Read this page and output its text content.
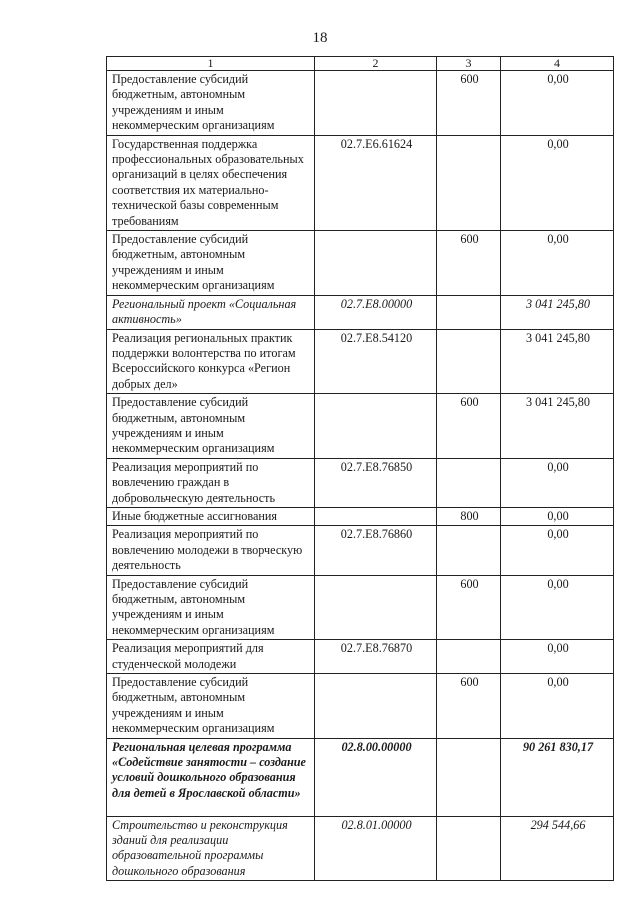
18
1	2	3	4
Предоставление субсидий бюджетным, автономным учреждениям и иным некоммерческим организациям		600	0,00
Государственная поддержка профессиональных образовательных организаций в целях обеспечения соответствия их материально-технической базы современным требованиям	02.7.Е6.61624		0,00
Предоставление субсидий бюджетным, автономным учреждениям и иным некоммерческим организациям		600	0,00
Региональный проект «Социальная активность»	02.7.Е8.00000		3 041 245,80
Реализация региональных практик поддержки волонтерства по итогам Всероссийского конкурса «Регион добрых дел»	02.7.Е8.54120		3 041 245,80
Предоставление субсидий бюджетным, автономным учреждениям и иным некоммерческим организациям		600	3 041 245,80
Реализация мероприятий по вовлечению граждан в добровольческую деятельность	02.7.Е8.76850		0,00
Иные бюджетные ассигнования		800	0,00
Реализация мероприятий по вовлечению молодежи в творческую деятельность	02.7.Е8.76860		0,00
Предоставление субсидий бюджетным, автономным учреждениям и иным некоммерческим организациям		600	0,00
Реализация мероприятий для студенческой молодежи	02.7.Е8.76870		0,00
Предоставление субсидий бюджетным, автономным учреждениям и иным некоммерческим организациям		600	0,00
Региональная целевая программа «Содействие занятости – создание условий дошкольного образования для детей в Ярославской области»	02.8.00.00000		90 261 830,17
Строительство и реконструкция зданий для реализации образовательной программы дошкольного образования	02.8.01.00000		294 544,66
